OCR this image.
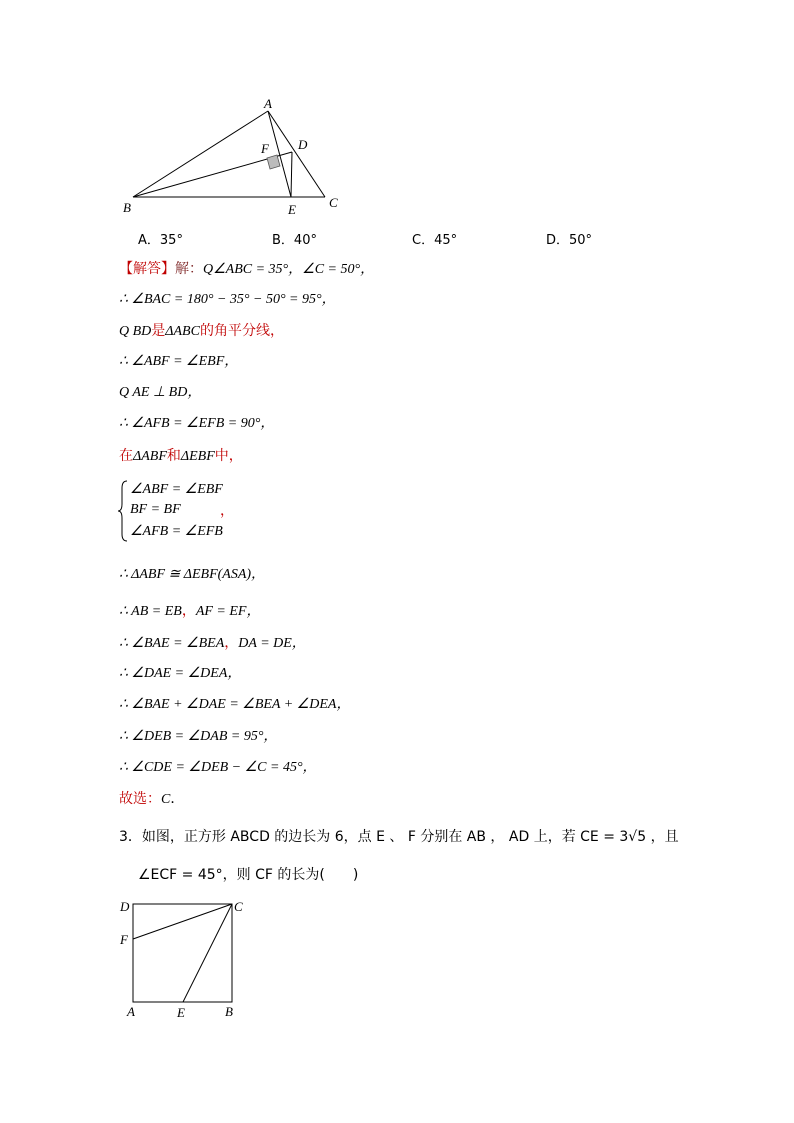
A
B	C
D
E
F
A．35°	B．40°	C．45°	D．50°
【解答】解：Q∠ABC = 35°，∠C = 50°，
∴ ∠BAC = 180° − 35° − 50° = 95°，
Q BD是ΔABC的角平分线，
∴ ∠ABF = ∠EBF，
Q AE ⊥ BD，
∴ ∠AFB = ∠EFB = 90°，
在ΔABF和ΔEBF中，
∠ABF = ∠EBF
BF = BF
∠AFB = ∠EFB
，
∴ ΔABF ≅ ΔEBF(ASA)，
∴ AB = EB，AF = EF，
∴ ∠BAE = ∠BEA，DA = DE，
∴ ∠DAE = ∠DEA，
∴ ∠BAE + ∠DAE = ∠BEA + ∠DEA，
∴ ∠DEB = ∠DAB = 95°，
∴ ∠CDE = ∠DEB − ∠C = 45°，
故选：C．
3．如图，正方形 ABCD 的边长为 6，点 E 、 F 分别在 AB ， AD 上，若 CE = 3√5 ，且
∠ECF = 45°，则 CF 的长为(　　)
D	C
F
A	E	B
